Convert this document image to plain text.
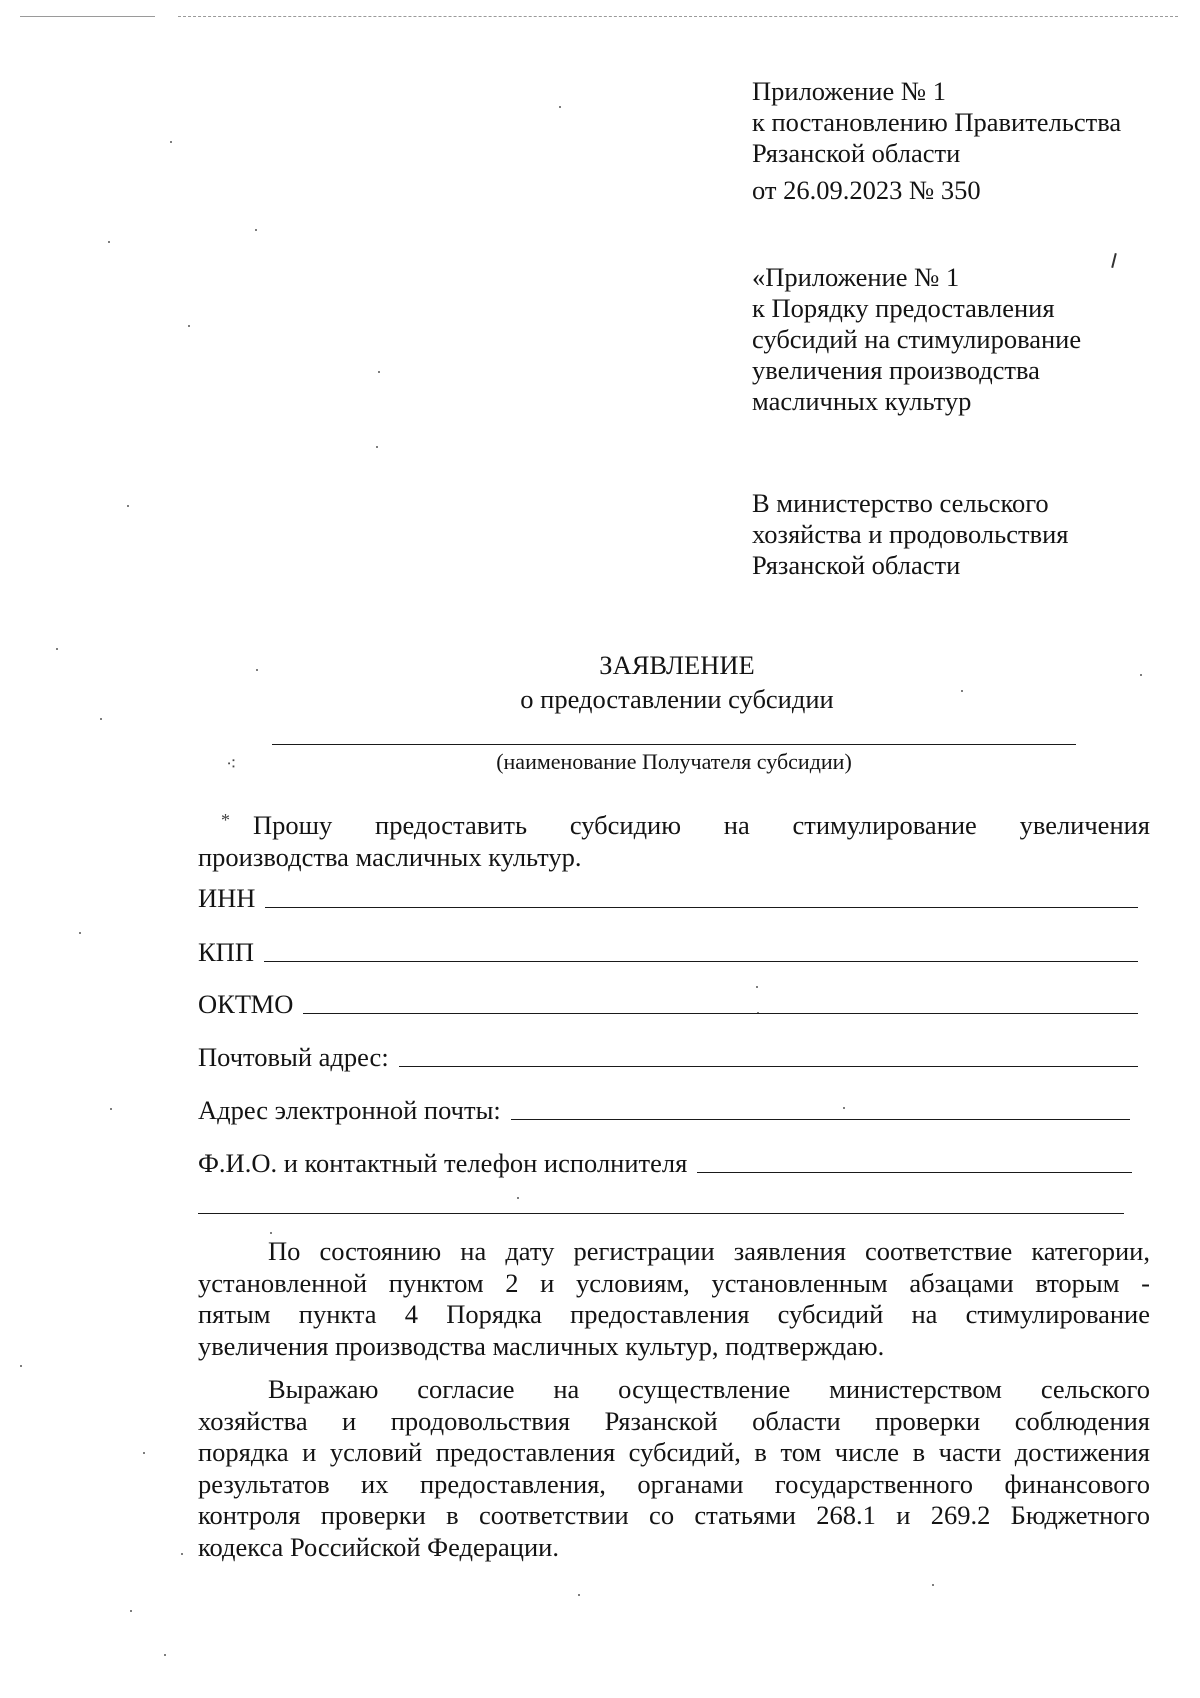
Приложение № 1
к постановлению Правительства
Рязанской области
от 26.09.2023 № 350
«Приложение № 1
к Порядку предоставления
субсидий на стимулирование
увеличения производства
масличных культур
В министерство сельского
хозяйства и продовольствия
Рязанской области
ЗАЯВЛЕНИЕ
о предоставлении субсидии
⁖	(наименование Получателя субсидии)
* Прошу предоставить субсидию на стимулирование увеличения
производства масличных культур.
ИНН
КПП
ОКТМО
Почтовый адрес:
Адрес электронной почты:
Ф.И.О. и контактный телефон исполнителя
По состоянию на дату регистрации заявления соответствие категории,
установленной пунктом 2 и условиям, установленным абзацами вторым -
пятым пункта 4 Порядка предоставления субсидий на стимулирование
увеличения производства масличных культур, подтверждаю.
Выражаю согласие на осуществление министерством сельского
хозяйства и продовольствия Рязанской области проверки соблюдения
порядка и условий предоставления субсидий, в том числе в части достижения
результатов их предоставления, органами государственного финансового
контроля проверки в соответствии со статьями 268.1 и 269.2 Бюджетного
кодекса Российской Федерации.
